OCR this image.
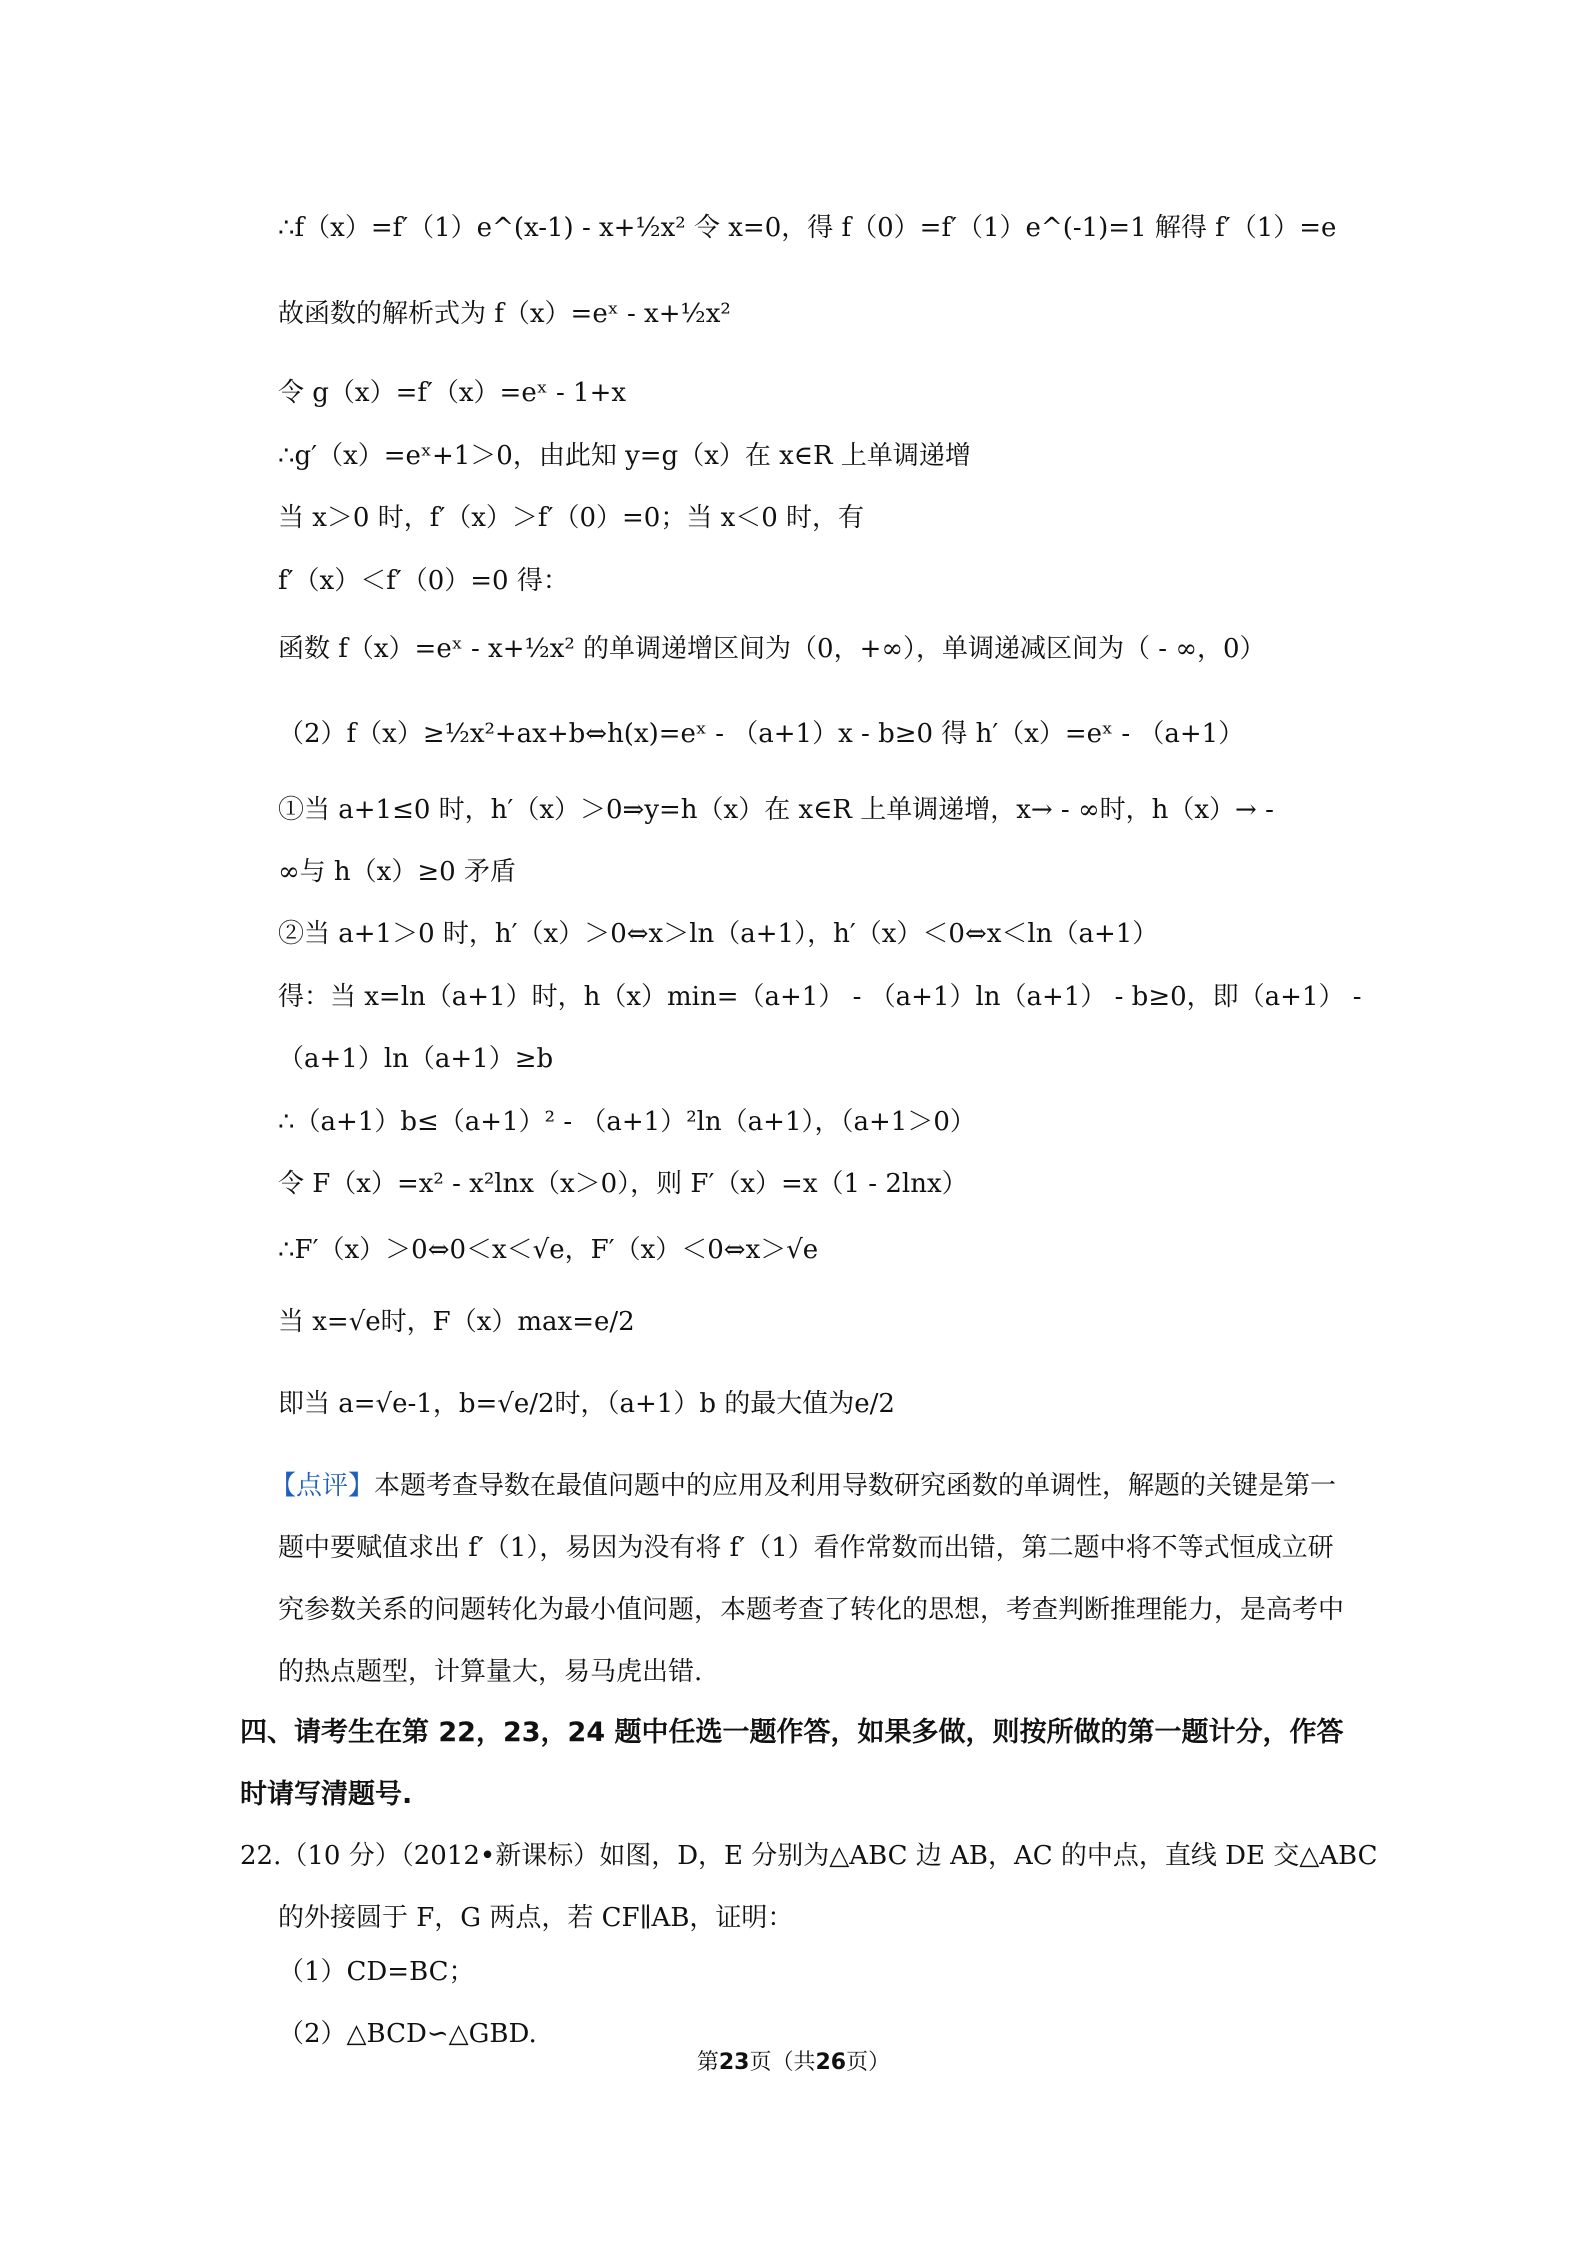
∴f（x）=f′（1）e^(x-1) - x+½x² 令 x=0，得 f（0）=f′（1）e^(-1)=1 解得 f′（1）=e
故函数的解析式为 f（x）=eˣ - x+½x²
令 g（x）=f′（x）=eˣ - 1+x
∴g′（x）=eˣ+1＞0，由此知 y=g（x）在 x∈R 上单调递增
当 x＞0 时，f′（x）＞f′（0）=0；当 x＜0 时，有
f′（x）＜f′（0）=0 得：
函数 f（x）=eˣ - x+½x² 的单调递增区间为（0，+∞），单调递减区间为（ - ∞，0）
（2）f（x）≥½x²+ax+b⇔h(x)=eˣ - （a+1）x - b≥0 得 h′（x）=eˣ - （a+1）
①当 a+1≤0 时，h′（x）＞0⇒y=h（x）在 x∈R 上单调递增，x→ - ∞时，h（x）→ -
∞与 h（x）≥0 矛盾
②当 a+1＞0 时，h′（x）＞0⇔x＞ln（a+1），h′（x）＜0⇔x＜ln（a+1）
得：当 x=ln（a+1）时，h（x）min=（a+1） - （a+1）ln（a+1） - b≥0，即（a+1） -
（a+1）ln（a+1）≥b
∴（a+1）b≤（a+1）² - （a+1）²ln（a+1），（a+1＞0）
令 F（x）=x² - x²lnx（x＞0），则 F′（x）=x（1 - 2lnx）
∴F′（x）＞0⇔0＜x＜√e，F′（x）＜0⇔x＞√e
当 x=√e时，F（x）max=e/2
即当 a=√e-1，b=√e/2时，（a+1）b 的最大值为e/2
【点评】本题考查导数在最值问题中的应用及利用导数研究函数的单调性，解题的关键是第一题中要赋值求出 f′（1），易因为没有将 f′（1）看作常数而出错，第二题中将不等式恒成立研究参数关系的问题转化为最小值问题，本题考查了转化的思想，考查判断推理能力，是高考中的热点题型，计算量大，易马虎出错.
四、请考生在第 22，23，24 题中任选一题作答，如果多做，则按所做的第一题计分，作答时请写清题号.
22.（10 分）（2012•新课标）如图，D，E 分别为△ABC 边 AB，AC 的中点，直线 DE 交△ABC 的外接圆于 F，G 两点，若 CF∥AB，证明：
（1）CD=BC；
（2）△BCD∽△GBD.
第23页（共26页）
